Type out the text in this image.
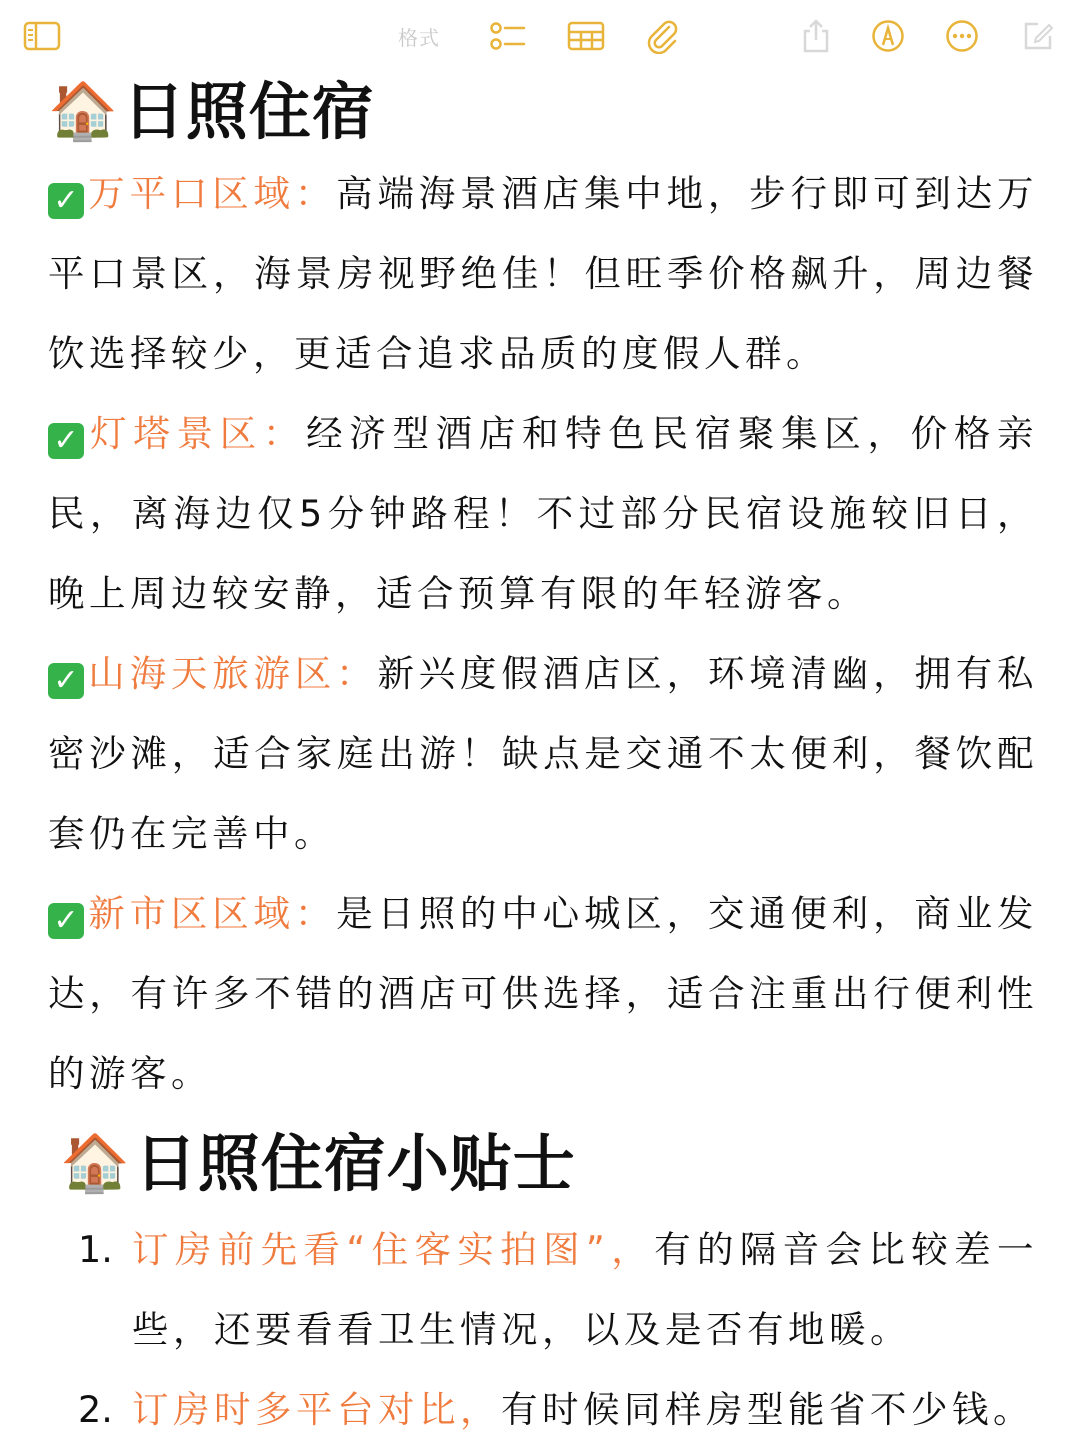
格式
🏠 日照住宿

✓ 万平口区域：高端海景酒店集中地，步行即可到达万平口景区，海景房视野绝佳！但旺季价格飙升，周边餐饮选择较少，更适合追求品质的度假人群。

✓ 灯塔景区：经济型酒店和特色民宿聚集区，价格亲民，离海边仅5分钟路程！不过部分民宿设施较旧日，晚上周边较安静，适合预算有限的年轻游客。

✓ 山海天旅游区：新兴度假酒店区，环境清幽，拥有私密沙滩，适合家庭出游！缺点是交通不太便利，餐饮配套仍在完善中。

✓ 新市区区域：是日照的中心城区，交通便利，商业发达，有许多不错的酒店可供选择，适合注重出行便利性的游客。

🏠 日照住宿小贴士
1. 订房前先看“住客实拍图”，有的隔音会比较差一些，还要看看卫生情况，以及是否有地暖。
2. 订房时多平台对比，有时候同样房型能省不少钱。
